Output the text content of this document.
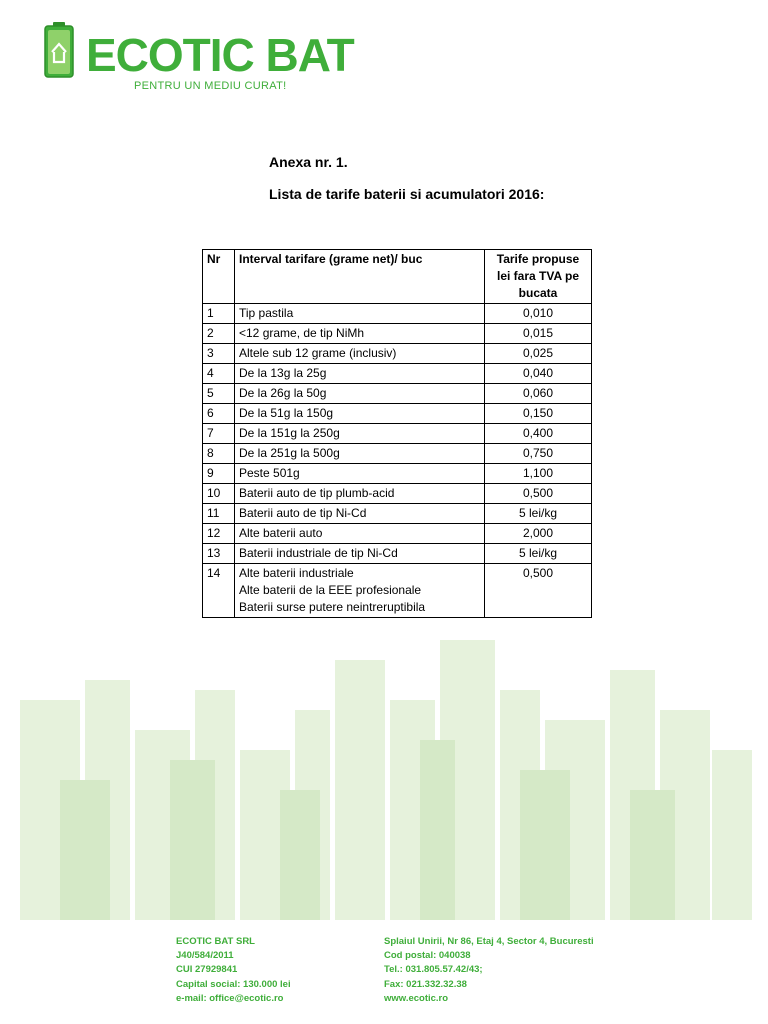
ECOTIC BAT
PENTRU UN MEDIU CURAT!
Anexa nr. 1.
Lista de tarife baterii si acumulatori 2016:
Nr	Interval tarifare (grame net)/ buc	Tarife propuse lei fara TVA pe bucata
1	Tip pastila	0,010
2	<12 grame, de tip NiMh	0,015
3	Altele sub 12 grame (inclusiv)	0,025
4	De la 13g la 25g	0,040
5	De la 26g la 50g	0,060
6	De la 51g la 150g	0,150
7	De la 151g la 250g	0,400
8	De la 251g la 500g	0,750
9	Peste 501g	1,100
10	Baterii auto de tip plumb-acid	0,500
11	Baterii auto de tip Ni-Cd	5 lei/kg
12	Alte baterii auto	2,000
13	Baterii industriale de tip Ni-Cd	5 lei/kg
14	Alte baterii industriale
Alte baterii de la EEE profesionale
Baterii surse putere neintreruptibila	0,500
ECOTIC BAT SRL
J40/584/2011
CUI 27929841
Capital social: 130.000 lei
e-mail: office@ecotic.ro
Splaiul Unirii, Nr 86, Etaj 4, Sector 4, Bucuresti
Cod postal: 040038
Tel.: 031.805.57.42/43;
Fax: 021.332.32.38
www.ecotic.ro
